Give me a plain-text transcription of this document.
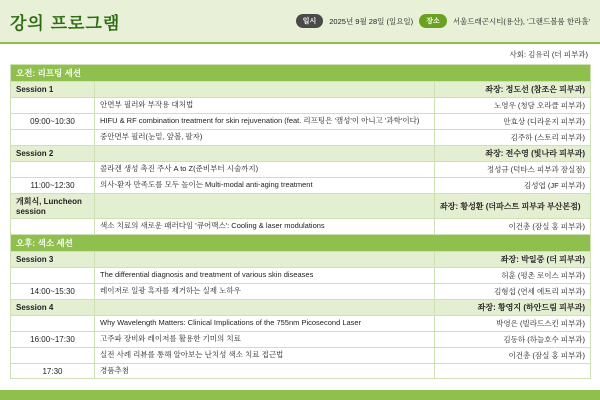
강의 프로그램	일시	2025년 9월 28일 (일요일)	장소	서울드래곤시티(용산), '그랜드볼룸 한라홀'
사회: 김유리 (더 피부과)
오전: 리프팅 세션		
Session 1		좌장: 정도선 (참조은 피부과)
	안면부 필러와 부작용 대처법	노영우 (청담 오라클 피부과)
09:00~10:30	HIFU & RF combination treatment for skin rejuvenation (feat. 리프팅은 '캠성'이 아니고 '과학'이다)	안효상 (디라운지 피부과)
	중안면부 필러(눈밑, 앞볼, 팔자)	김주하 (스토리 피부과)
Session 2		좌장: 전수영 (빛나라 피부과)
	콜라겐 생성 촉진 주사 A to Z(준비부터 시술까지)	정성규 (덕타스 피부과 잠실점)
11:00~12:30	의사-환자 만족도를 모두 높이는 Multi-modal anti-aging treatment	김성엽 (JF 피부과)
개회식, Luncheon session		좌장: 황성환 (더파스트 피부과 부산본점)
	색소 치료의 새로운 패러다임 '큐어맥스': Cooling & laser modulations	이건총 (잠실 홍 피부과)
오후: 색소 세션		
Session 3		좌장: 박일중 (더 피부과)
	The differential diagnosis and treatment of various skin diseases	허훈 (평촌 로이스 피부과)
14:00~15:30	레이저로 일광 흑자를 제거하는 실제 노하우	김형섭 (연세 에트리 피부과)
Session 4		좌장: 황영지 (하안드림 피부과)
	Why Wavelength Matters: Clinical Implications of the 755nm Picosecond Laser	박영은 (빌라드스킨 피부과)
16:00~17:30	고주파 장비와 레이저를 활용한 기미의 치료	김동하 (하늘호수 피부과)
	실전 사례 리뷰를 통해 알아보는 난치성 색소 치료 접근법	이건총 (잠실 홍 피부과)
17:30	경품추첨	
